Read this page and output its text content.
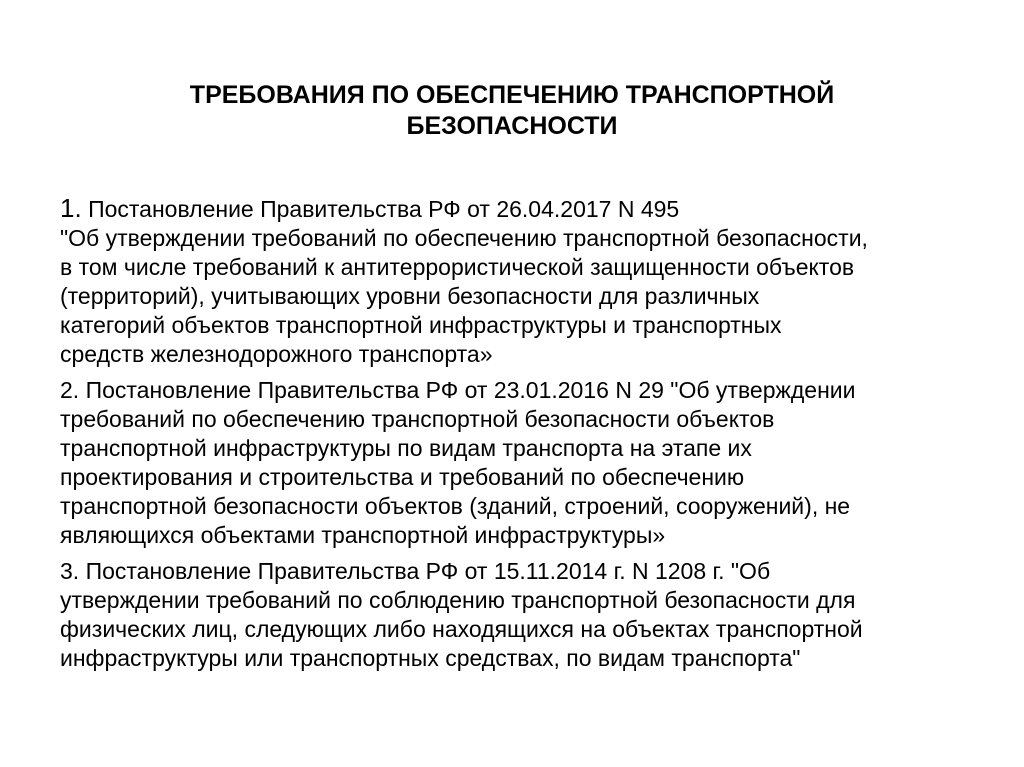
ТРЕБОВАНИЯ ПО ОБЕСПЕЧЕНИЮ ТРАНСПОРТНОЙ
БЕЗОПАСНОСТИ
1. Постановление Правительства РФ от 26.04.2017 N 495
"Об утверждении требований по обеспечению транспортной безопасности,
в том числе требований к антитеррористической защищенности объектов
(территорий), учитывающих уровни безопасности для различных
категорий объектов транспортной инфраструктуры и транспортных
средств железнодорожного транспорта»
2. Постановление Правительства РФ от 23.01.2016 N 29 "Об утверждении
требований по обеспечению транспортной безопасности объектов
транспортной инфраструктуры по видам транспорта на этапе их
проектирования и строительства и требований по обеспечению
транспортной безопасности объектов (зданий, строений, сооружений), не
являющихся объектами транспортной инфраструктуры»
3. Постановление Правительства РФ от 15.11.2014 г. N 1208 г. "Об
утверждении требований по соблюдению транспортной безопасности для
физических лиц, следующих либо находящихся на объектах транспортной
инфраструктуры или транспортных средствах, по видам транспорта"
